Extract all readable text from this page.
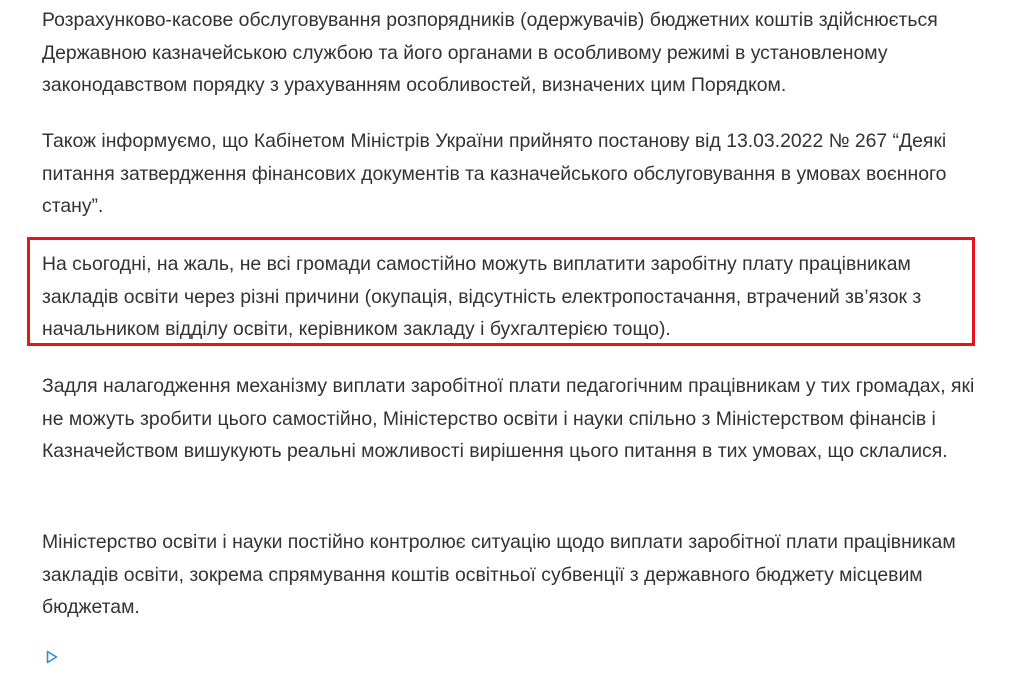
Розрахунково-касове обслуговування розпорядників (одержувачів) бюджетних коштів здійснюється Державною казначейською службою та його органами в особливому режимі в установленому законодавством порядку з урахуванням особливостей, визначених цим Порядком.

Також інформуємо, що Кабінетом Міністрів України прийнято постанову від 13.03.2022 № 267 “Деякі питання затвердження фінансових документів та казначейського обслуговування в умовах воєнного стану”.

На сьогодні, на жаль, не всі громади самостійно можуть виплатити заробітну плату працівникам закладів освіти через різні причини (окупація, відсутність електропостачання, втрачений зв’язок з начальником відділу освіти, керівником закладу і бухгалтерією тощо).

Задля налагодження механізму виплати заробітної плати педагогічним працівникам у тих громадах, які не можуть зробити цього самостійно, Міністерство освіти і науки спільно з Міністерством фінансів і Казначейством вишукують реальні можливості вирішення цього питання в тих умовах, що склалися.

Міністерство освіти і науки постійно контролює ситуацію щодо виплати заробітної плати працівникам закладів освіти, зокрема спрямування коштів освітньої субвенції з державного бюджету місцевим бюджетам.
